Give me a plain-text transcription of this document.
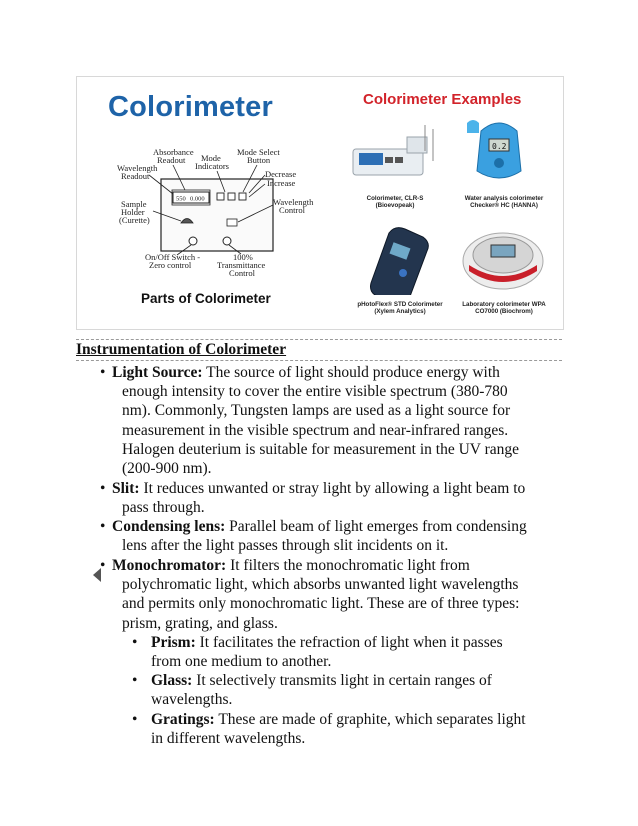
Colorimeter	Colorimeter Examples
550 0.000
Absorbance
Readout Mode
Indicators
Mode Select
Button
Wavelength
Readout	Decrease
Increase
Sample
Holder
(Curette)
Wavelength
Control
On/Off Switch -
Zero control
100%
Transmittance
Control
Parts of Colorimeter
Colorimeter, CLR-S
(Bioevopeak)
0.2
Water analysis colorimeter
Checker® HC (HANNA)
pHotoFlex® STD Colorimeter
(Xylem Analytics)
Laboratory colorimeter WPA
CO7000 (Biochrom)
Instrumentation of Colorimeter
• Light Source: The source of light should produce energy with
enough intensity to cover the entire visible spectrum (380-780
nm). Commonly, Tungsten lamps are used as a light source for
measurement in the visible spectrum and near-infrared ranges.
Halogen deuterium is suitable for measurement in the UV range
(200-900 nm).
• Slit: It reduces unwanted or stray light by allowing a light beam to
pass through.
• Condensing lens: Parallel beam of light emerges from condensing
lens after the light passes through slit incidents on it.
• Monochromator: It filters the monochromatic light from
polychromatic light, which absorbs unwanted light wavelengths
and permits only monochromatic light. These are of three types:
prism, grating, and glass.
• Prism: It facilitates the refraction of light when it passes
from one medium to another.
• Glass: It selectively transmits light in certain ranges of
wavelengths.
• Gratings: These are made of graphite, which separates light
in different wavelengths.
